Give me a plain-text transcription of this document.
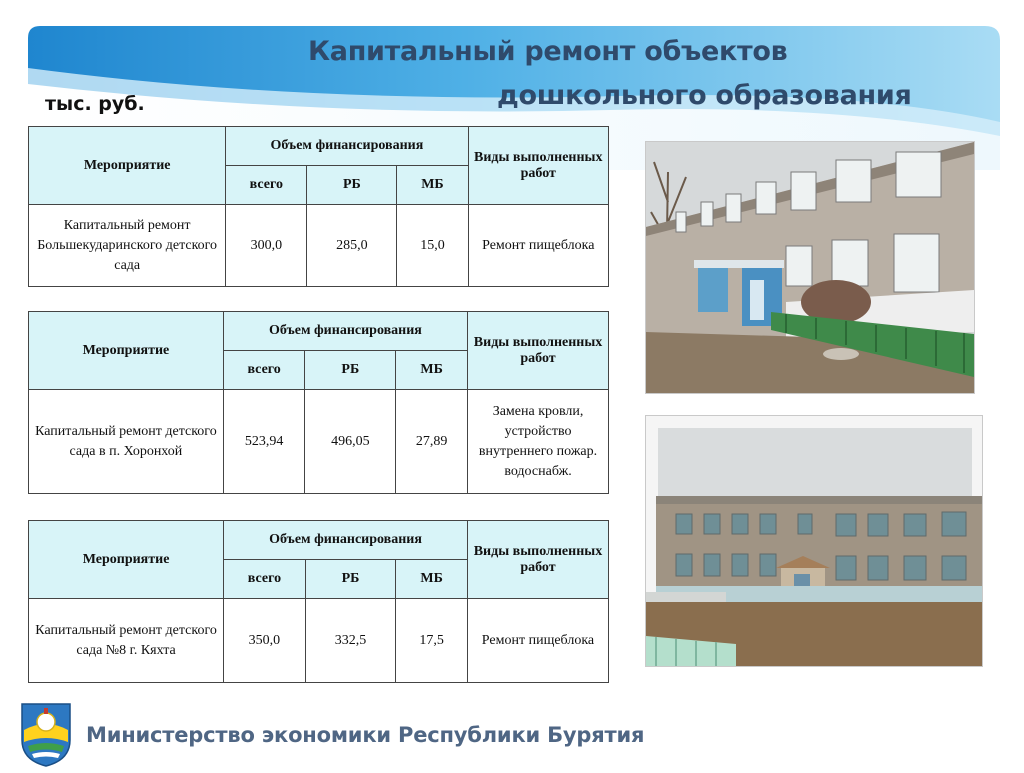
Капитальный ремонт объектов
дошкольного образования
тыс. руб.
Мероприятие	Объем финансирования			Виды выполненных работ
	всего	РБ	МБ	
Капитальный ремонт Большекударинского детского сада	300,0	285,0	15,0	Ремонт пищеблока
Мероприятие	Объем финансирования			Виды выполненных работ
	всего	РБ	МБ	
Капитальный ремонт детского сада в п. Хоронхой	523,94	496,05	27,89	Замена кровли, устройство внутреннего пожар. водоснабж.
Мероприятие	Объем финансирования			Виды выполненных работ
	всего	РБ	МБ	
Капитальный ремонт детского сада №8 г. Кяхта	350,0	332,5	17,5	Ремонт пищеблока
Министерство экономики Республики Бурятия
